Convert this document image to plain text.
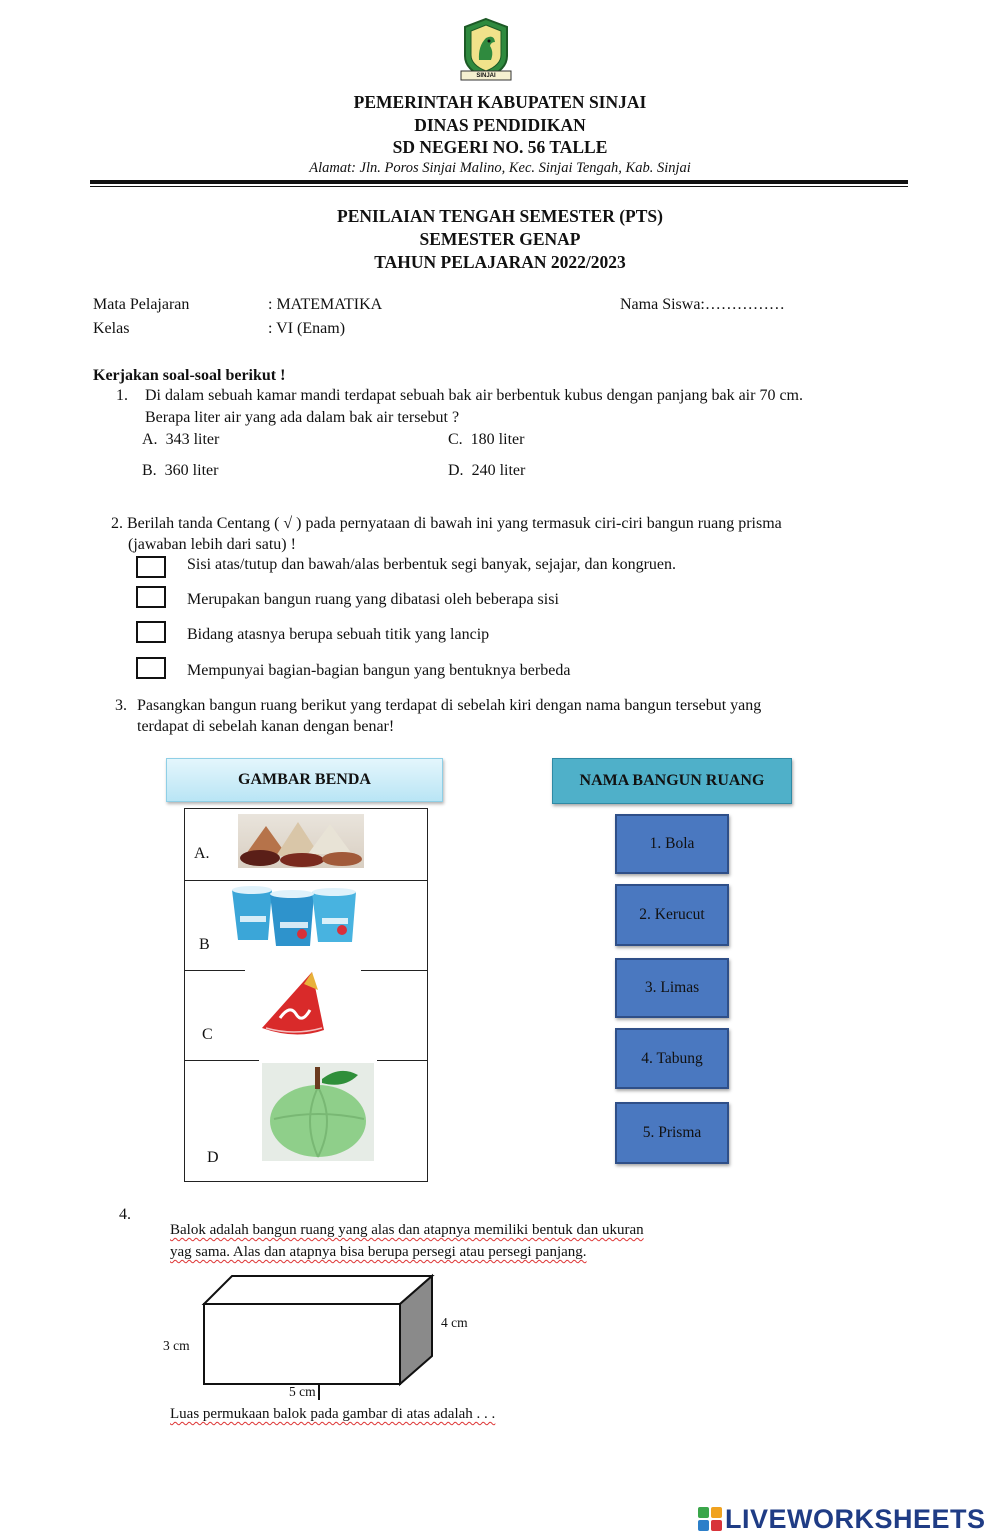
SINJAI
PEMERINTAH KABUPATEN SINJAI
DINAS PENDIDIKAN
SD NEGERI NO. 56 TALLE
Alamat: Jln. Poros Sinjai Malino, Kec. Sinjai Tengah, Kab. Sinjai
PENILAIAN TENGAH SEMESTER (PTS)
SEMESTER GENAP
TAHUN PELAJARAN 2022/2023
Mata Pelajaran	: MATEMATIKA	Nama Siswa:……………
Kelas	: VI (Enam)
Kerjakan soal-soal berikut !
1. Di dalam sebuah kamar mandi terdapat sebuah bak air berbentuk kubus dengan panjang bak air 70 cm.
Berapa liter air yang ada dalam bak air tersebut ?
A. 343 liter	C. 180 liter
B. 360 liter	D. 240 liter
2. Berilah tanda Centang ( √ ) pada pernyataan di bawah ini yang termasuk ciri-ciri bangun ruang prisma
(jawaban lebih dari satu) !
Sisi atas/tutup dan bawah/alas berbentuk segi banyak, sejajar, dan kongruen.
Merupakan bangun ruang yang dibatasi oleh beberapa sisi
Bidang atasnya berupa sebuah titik yang lancip
Mempunyai bagian-bagian bangun yang bentuknya berbeda
3. Pasangkan bangun ruang berikut yang terdapat di sebelah kiri dengan nama bangun tersebut yang
terdapat di sebelah kanan dengan benar!
GAMBAR BENDA	NAMA BANGUN RUANG
A.
B
C
D
1. Bola
2. Kerucut
3. Limas
4. Tabung
5. Prisma
4.
Balok adalah bangun ruang yang alas dan atapnya memiliki bentuk dan ukuran
yag sama. Alas dan atapnya bisa berupa persegi atau persegi panjang.
3 cm
4 cm
5 cm
Luas permukaan balok pada gambar di atas adalah . . .
LIVEWORKSHEETS
